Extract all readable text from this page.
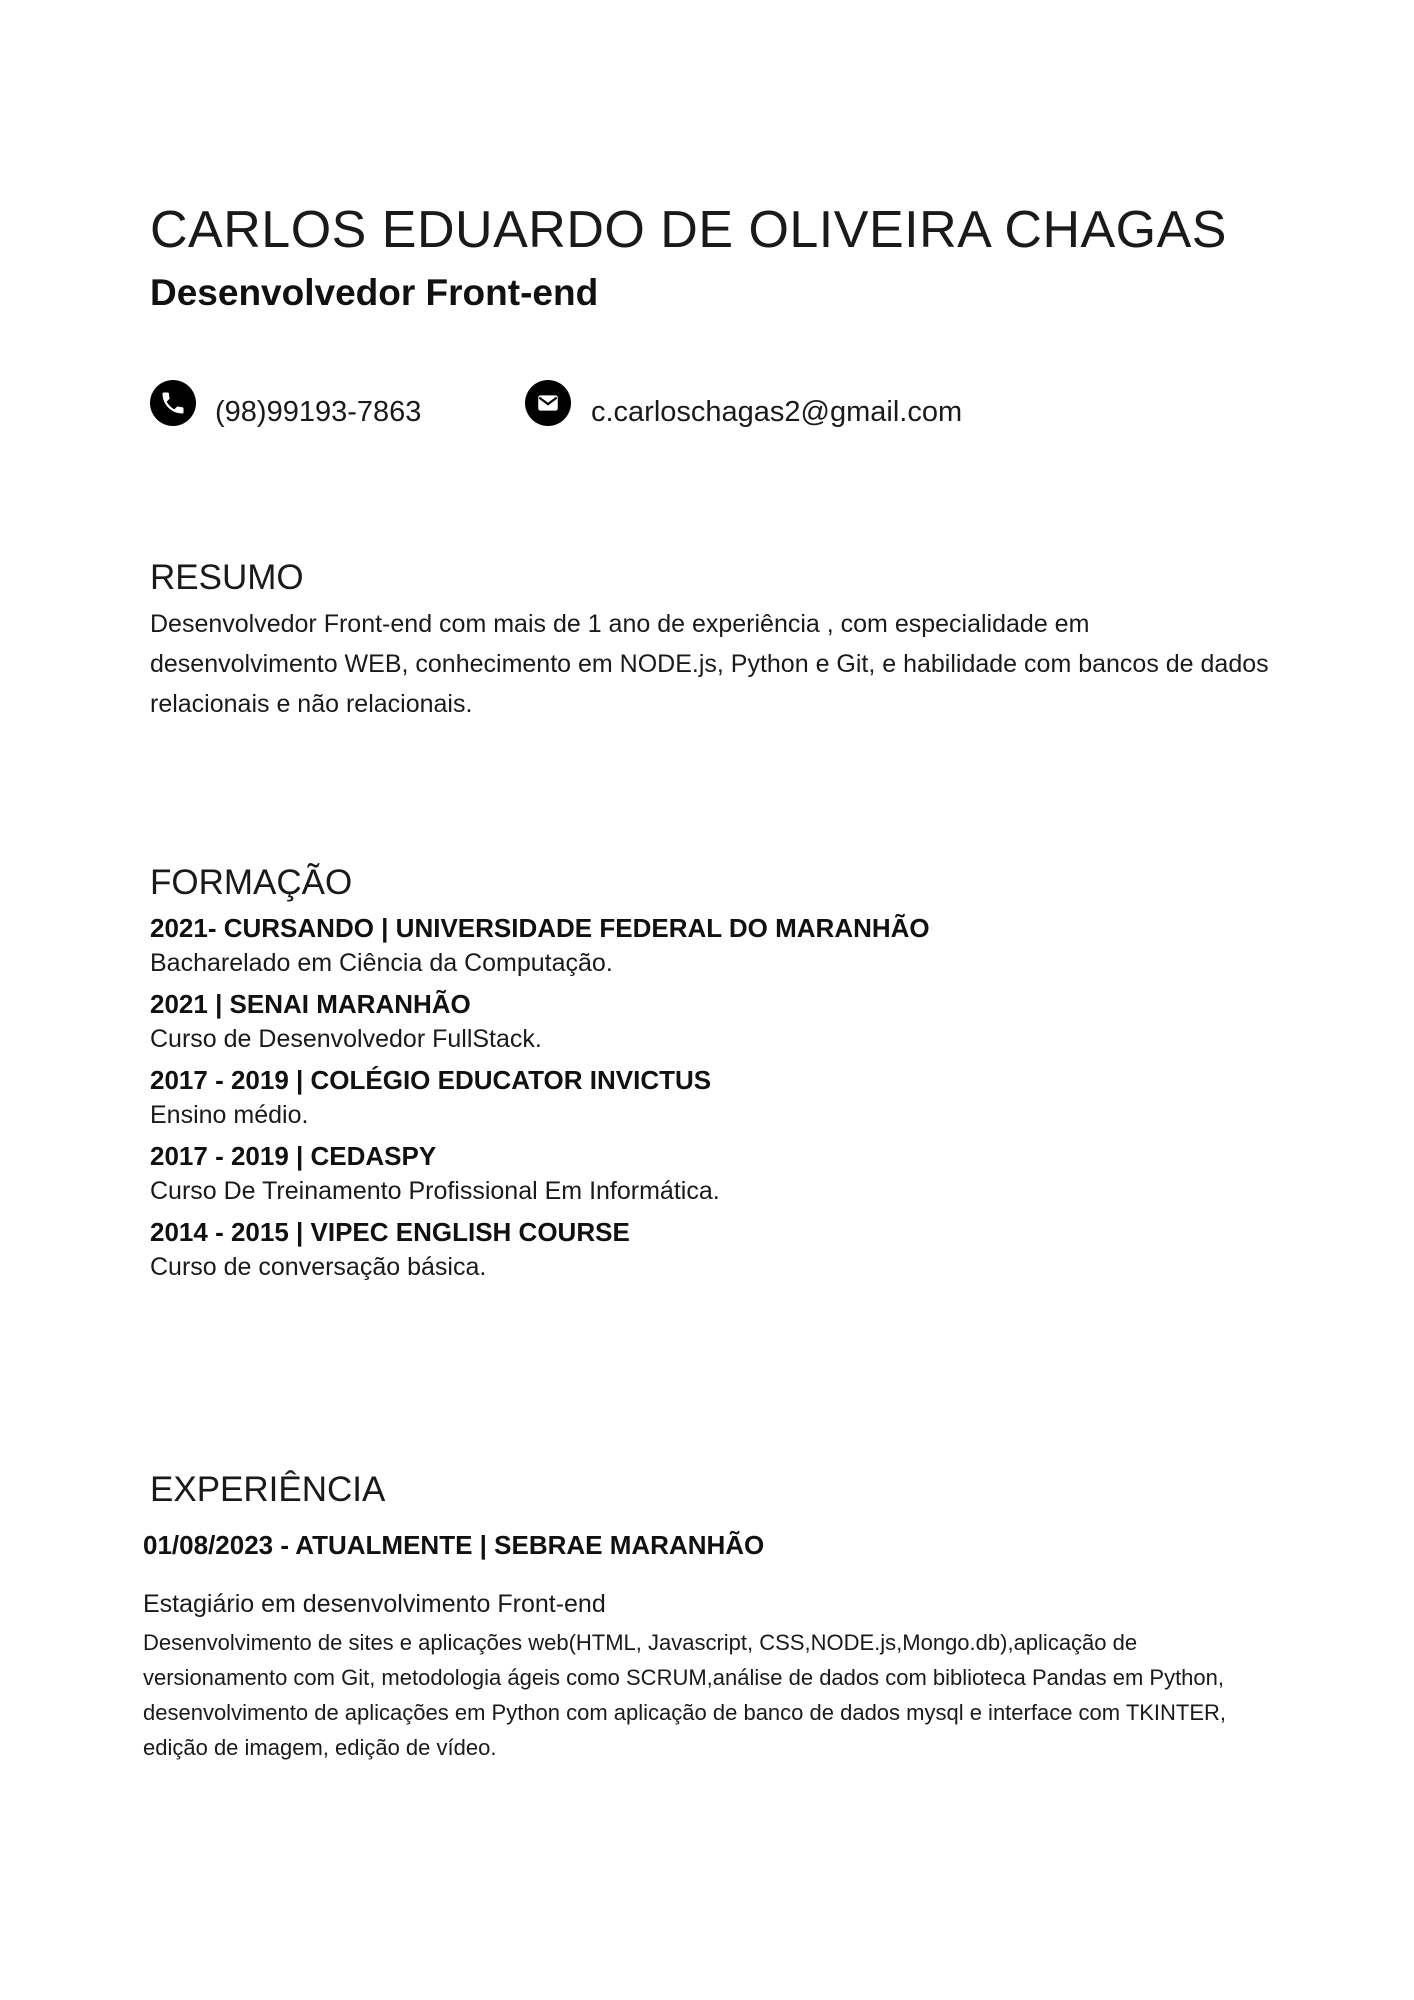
CARLOS EDUARDO DE OLIVEIRA CHAGAS
Desenvolvedor Front-end
(98)99193-7863	c.carloschagas2@gmail.com
RESUMO
Desenvolvedor Front-end com mais de 1 ano de experiência , com especialidade em desenvolvimento WEB, conhecimento em NODE.js, Python e Git, e habilidade com bancos de dados relacionais e não relacionais.
FORMAÇÃO
2021- CURSANDO | UNIVERSIDADE FEDERAL DO MARANHÃO
Bacharelado em Ciência da Computação.
2021 | SENAI MARANHÃO
Curso de Desenvolvedor FullStack.
2017 - 2019 | COLÉGIO EDUCATOR INVICTUS
Ensino médio.
2017 - 2019 | CEDASPY
Curso De Treinamento Profissional Em Informática.
2014 - 2015 | VIPEC ENGLISH COURSE
Curso de conversação básica.
EXPERIÊNCIA
01/08/2023 - ATUALMENTE | SEBRAE MARANHÃO
Estagiário em desenvolvimento Front-end
Desenvolvimento de sites e aplicações web(HTML, Javascript, CSS,NODE.js,Mongo.db),aplicação de versionamento com Git, metodologia ágeis como SCRUM,análise de dados com biblioteca Pandas em Python, desenvolvimento de aplicações em Python com aplicação de banco de dados mysql e interface com TKINTER, edição de imagem, edição de vídeo.
